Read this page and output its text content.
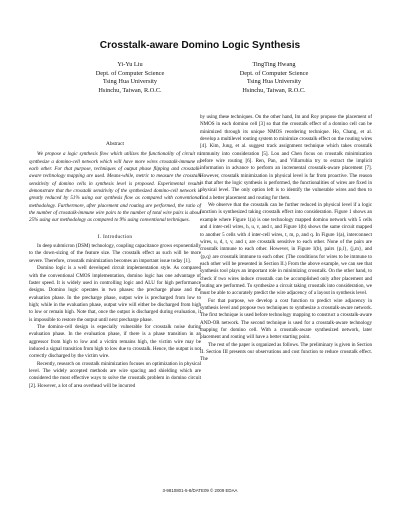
Crosstalk-aware Domino Logic Synthesis
Yi-Yu Liu
Dept. of Computer Science
Tsing Hua University
Hsinchu, Taiwan, R.O.C.
TingTing Hwang
Dept. of Computer Science
Tsing Hua University
Hsinchu, Taiwan, R.O.C.
Abstract

We propose a logic synthesis flow which utilizes the functionality of circuit to synthesize a domino-cell network which will have more wires crosstalk-immune to each other. For that purpose, techniques of output phase flipping and crosstalk-aware technology mapping are used. Means-while, metric to measure the crosstalk sensitivity of domino cells in synthesis level is proposed. Experimental results demonstrate that the crosstalk sensitivity of the synthesized domino-cell network is greatly reduced by 51% using our synthesis flow as compared with conventional methodology. Furthermore, after placement and routing are performed, the ratio of the number of crosstalk-immune wire pairs to the number of total wire pairs is about 25% using our methodology as compared to 9% using conventional techniques.

I. Introduction

In deep submicron (DSM) technology, coupling capacitance grows exponentially to the down-sizing of the feature size. The crosstalk effect as such will be more severe. Therefore, crosstalk minimization becomes an important issue today [1].

Domino logic is a well developed circuit implementation style. As compared with the conventional CMOS implementation, domino logic has one advantage of faster speed. It is widely used in controlling logic and ALU for high performance designs. Domino logic operates in two phases: the precharge phase and the evaluation phase. In the precharge phase, output wire is precharged from low to high; while in the evaluation phase, output wire will either be discharged from high to low or remain high. Note that, once the output is discharged during evaluation, it is impossible to restore the output until next precharge phase.

The domino-cell design is especially vulnerable for crosstalk noise during evaluation phase. In the evaluation phase, if there is a phase transition in an aggressor from high to low and a victim remains high, the victim wire may be induced a signal transition from high to low due to crosstalk. Hence, the output is not correctly discharged by the victim wire.

Recently, research on crosstalk minimization focuses on optimization in physical level. The widely accepted methods are wire spacing and shielding which are considered the most effective ways to solve the crosstalk problem in domino circuit [2]. However, a lot of area overhead will be incurred

by using these techniques. On the other hand, Im and Roy propose the placement of NMOS in each domino cell [3] so that the crosstalk effect of a domino cell can be minimized through its unique NMOS reordering technique. Ho, Chang, et al. develop a multilevel routing system to minimize crosstalk effect on the routing wires [4]. Kim, Jung, et al. suggest track assignment technique which takes crosstalk immunity into consideration [5]. Lou and Chen focus on crosstalk minimization before wire routing [6]. Ren, Pan, and Villarrubia try to extract the implicit information in advance to perform an incremental crosstalk-aware placement [7]. However, crosstalk minimization in physical level is far from proactive. The reason is that after the logic synthesis is performed, the functionalities of wires are fixed in physical level. The only option left is to identify the vulnerable wires and then to find a better placement and routing for them.

We observe that the crosstalk can be further reduced in physical level if a logic function is synthesized taking crosstalk effect into consideration. Figure 1 shows an example where Figure 1(a) is one technology mapped domino network with 5 cells and 4 inter-cell wires, h, u, v, and r, and Figure 1(b) shows the same circuit mapped to another 5 cells with 4 inter-cell wires, t, m, p, and q. In Figure 1(a), interconnect wires, u, d, t, v, and r, are crosstalk sensitive to each other. None of the pairs are crosstalk immune to each other. However, in Figure 1(b), pairs {p,l}, {j,m}, and {p,q} are crosstalk immune to each other. (The conditions for wires to be immune to each other will be presented in Section II.) From the above example, we can see that synthesis tool plays an important role in minimizing crosstalk. On the other hand, to check if two wires induce crosstalk can be accomplished only after placement and routing are performed. To synthesize a circuit taking crosstalk into consideration, we must be able to accurately predict the wire adjacency of a layout in synthesis level.

For that purpose, we develop a cost function to predict wire adjacency in synthesis level and propose two techniques to synthesize a crosstalk-aware network. The first technique is used before technology mapping to construct a crosstalk-aware AND-OR network. The second technique is used for a crosstalk-aware technology mapping for domino cell. With a crosstalk-aware synthesized network, later placement and routing will have a better starting point.

The rest of the paper is organized as follows. The preliminary is given in Section II. Section III presents our observations and cost function to reduce crosstalk effect. The

3-9810801-5-8/DATE09 © 2009 EDAA
